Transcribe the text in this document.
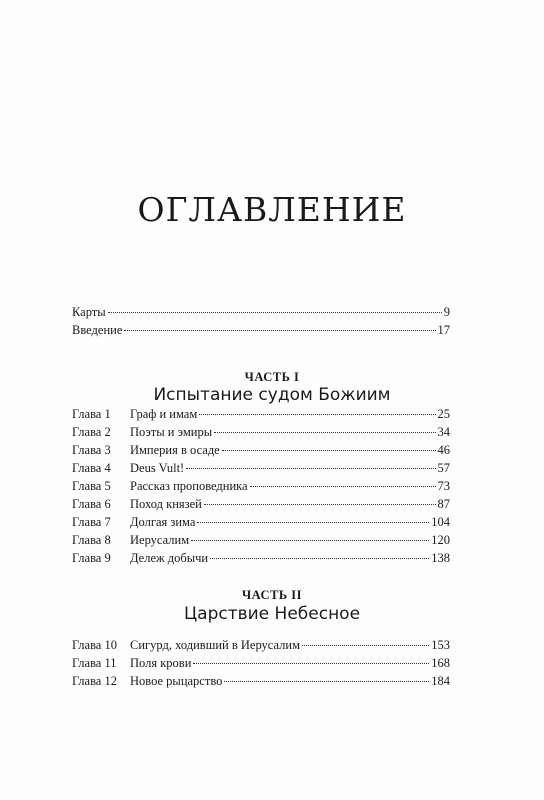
ОГЛАВЛЕНИЕ
Карты	9
Введение	17
ЧАСТЬ I
Испытание судом Божиим
Глава 1	Граф и имам	25
Глава 2	Поэты и эмиры	34
Глава 3	Империя в осаде	46
Глава 4	Deus Vult!	57
Глава 5	Рассказ проповедника	73
Глава 6	Поход князей	87
Глава 7	Долгая зима	104
Глава 8	Иерусалим	120
Глава 9	Дележ добычи	138
ЧАСТЬ II
Царствие Небесное
Глава 10	Сигурд, ходивший в Иерусалим	153
Глава 11	Поля крови	168
Глава 12	Новое рыцарство	184
